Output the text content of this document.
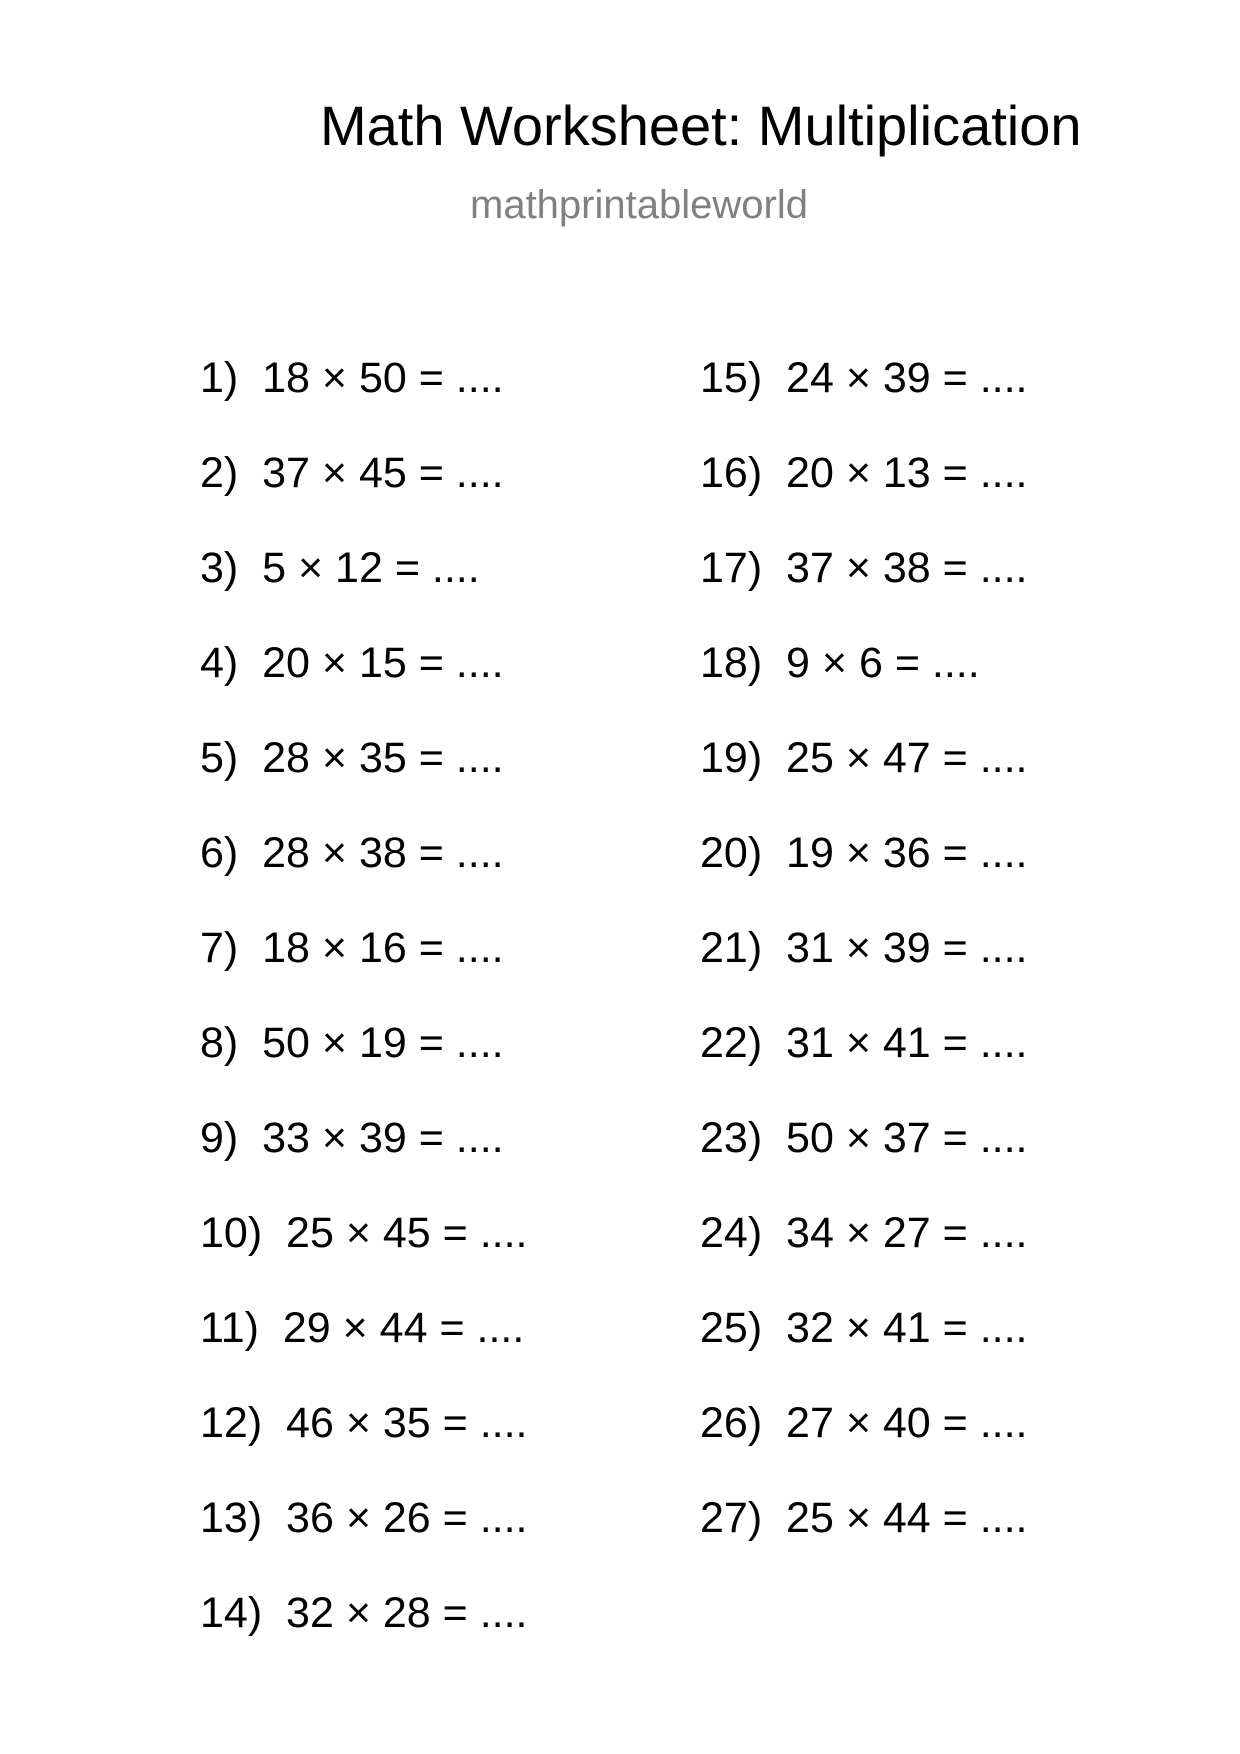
Math Worksheet: Multiplication
mathprintableworld
1)  18 × 50 = ....
2)  37 × 45 = ....
3)  5 × 12 = ....
4)  20 × 15 = ....
5)  28 × 35 = ....
6)  28 × 38 = ....
7)  18 × 16 = ....
8)  50 × 19 = ....
9)  33 × 39 = ....
10)  25 × 45 = ....
11)  29 × 44 = ....
12)  46 × 35 = ....
13)  36 × 26 = ....
14)  32 × 28 = ....
15)  24 × 39 = ....
16)  20 × 13 = ....
17)  37 × 38 = ....
18)  9 × 6 = ....
19)  25 × 47 = ....
20)  19 × 36 = ....
21)  31 × 39 = ....
22)  31 × 41 = ....
23)  50 × 37 = ....
24)  34 × 27 = ....
25)  32 × 41 = ....
26)  27 × 40 = ....
27)  25 × 44 = ....
